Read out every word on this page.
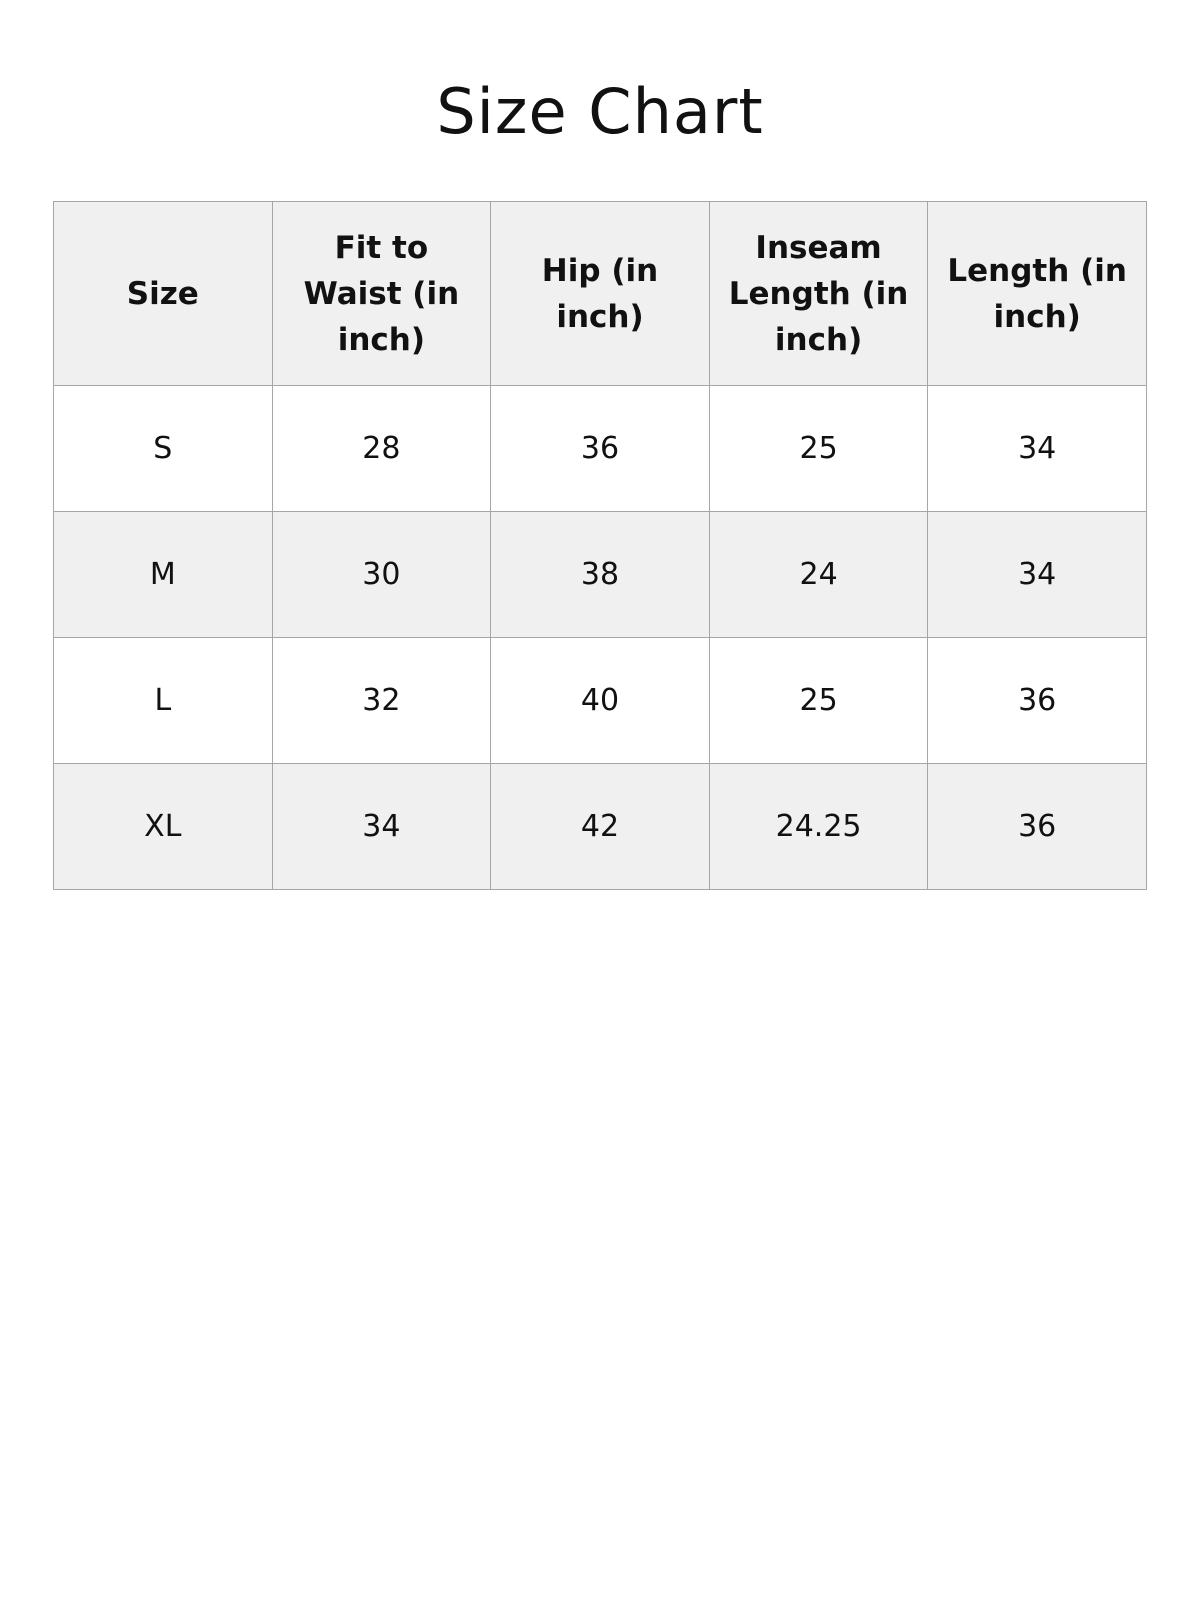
Size Chart
Size	Fit to Waist (in inch)	Hip (in inch)	Inseam Length (in inch)	Length (in inch)
S	28	36	25	34
M	30	38	24	34
L	32	40	25	36
XL	34	42	24.25	36
